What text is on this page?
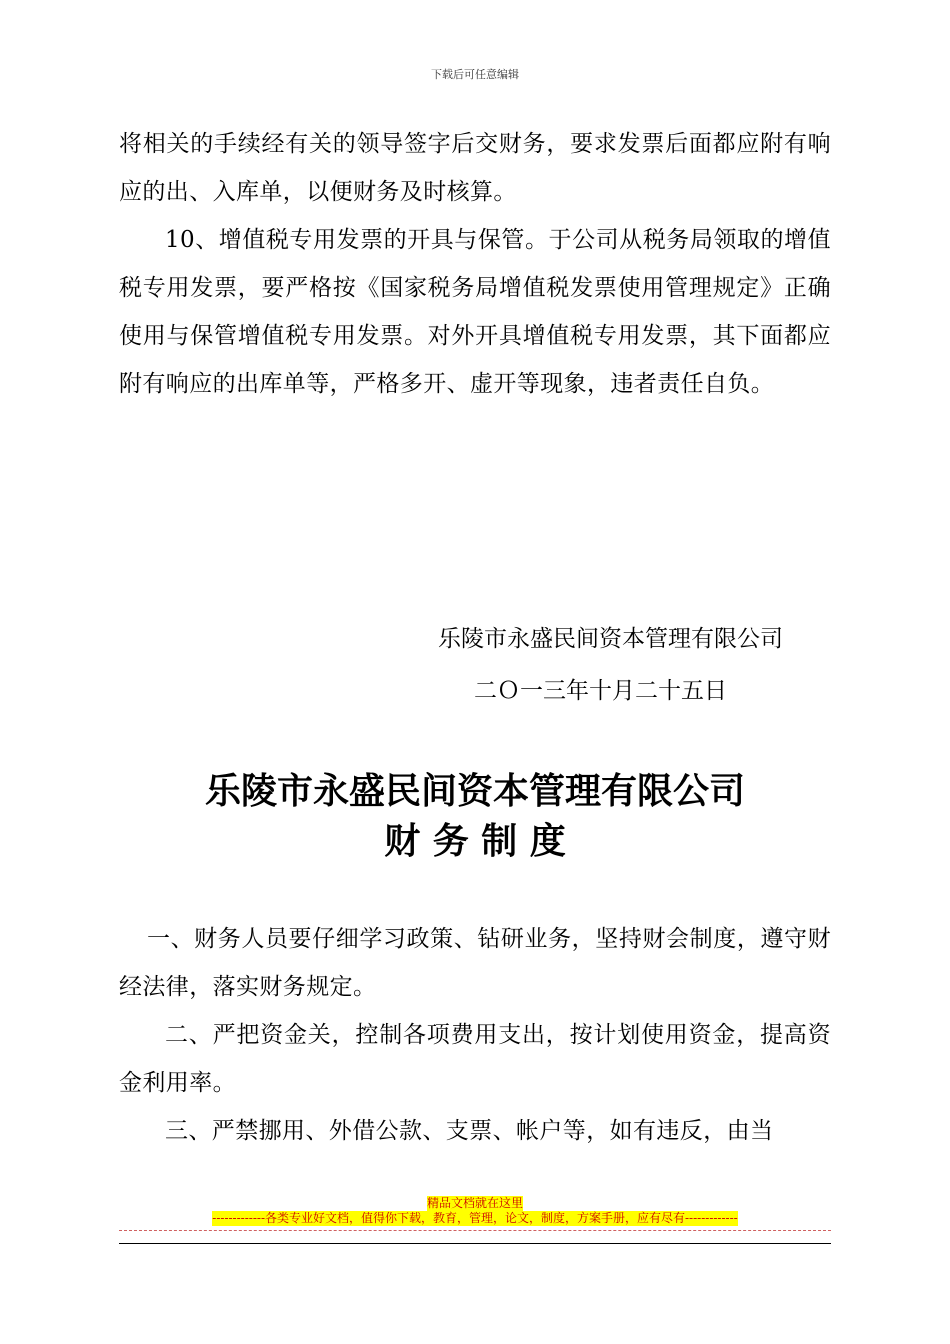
下载后可任意编辑

将相关的手续经有关的领导签字后交财务，要求发票后面都应附有响应的出、入库单，以便财务及时核算。

10、增值税专用发票的开具与保管。于公司从税务局领取的增值税专用发票，要严格按《国家税务局增值税发票使用管理规定》正确使用与保管增值税专用发票。对外开具增值税专用发票，其下面都应附有响应的出库单等，严格多开、虚开等现象，违者责任自负。

乐陵市永盛民间资本管理有限公司
二Ｏ一三年十月二十五日
乐陵市永盛民间资本管理有限公司
财 务 制 度

一、财务人员要仔细学习政策、钻研业务，坚持财会制度，遵守财经法律，落实财务规定。

二、严把资金关，控制各项费用支出，按计划使用资金，提高资金利用率。

三、严禁挪用、外借公款、支票、帐户等，如有违反，由当

精品文档就在这里
-------------各类专业好文档，值得你下载，教育，管理，论文，制度，方案手册，应有尽有-------------
